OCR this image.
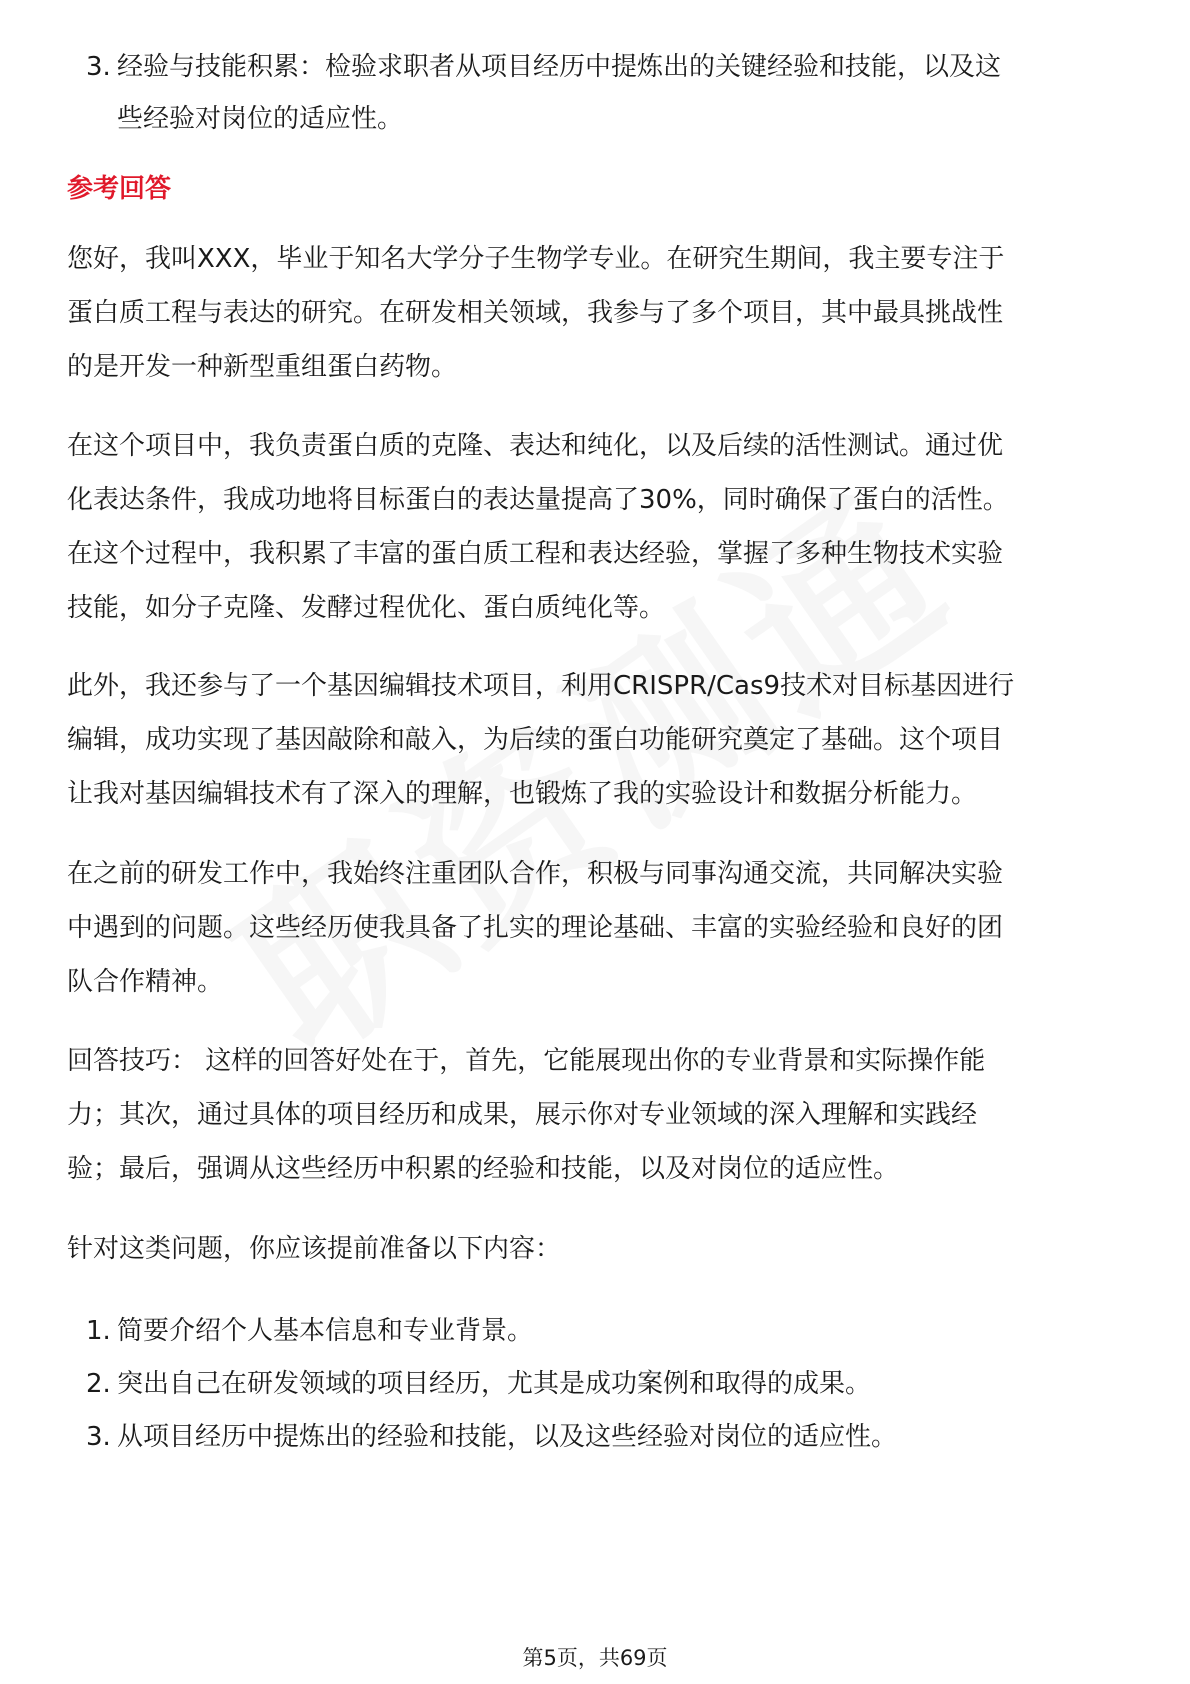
3. 经验与技能积累：检验求职者从项目经历中提炼出的关键经验和技能，以及这
些经验对岗位的适应性。
参考回答
您好，我叫XXX，毕业于知名大学分子生物学专业。在研究生期间，我主要专注于
蛋白质工程与表达的研究。在研发相关领域，我参与了多个项目，其中最具挑战性
的是开发一种新型重组蛋白药物。
在这个项目中，我负责蛋白质的克隆、表达和纯化，以及后续的活性测试。通过优
化表达条件，我成功地将目标蛋白的表达量提高了30%，同时确保了蛋白的活性。
在这个过程中，我积累了丰富的蛋白质工程和表达经验，掌握了多种生物技术实验
技能，如分子克隆、发酵过程优化、蛋白质纯化等。
此外，我还参与了一个基因编辑技术项目，利用CRISPR/Cas9技术对目标基因进行
编辑，成功实现了基因敲除和敲入，为后续的蛋白功能研究奠定了基础。这个项目
让我对基因编辑技术有了深入的理解，也锻炼了我的实验设计和数据分析能力。
在之前的研发工作中，我始终注重团队合作，积极与同事沟通交流，共同解决实验
中遇到的问题。这些经历使我具备了扎实的理论基础、丰富的实验经验和良好的团
队合作精神。
回答技巧： 这样的回答好处在于，首先，它能展现出你的专业背景和实际操作能
力；其次，通过具体的项目经历和成果，展示你对专业领域的深入理解和实践经
验；最后，强调从这些经历中积累的经验和技能，以及对岗位的适应性。
针对这类问题，你应该提前准备以下内容：
1. 简要介绍个人基本信息和专业背景。
2. 突出自己在研发领域的项目经历，尤其是成功案例和取得的成果。
3. 从项目经历中提炼出的经验和技能，以及这些经验对岗位的适应性。
第5页，共69页
